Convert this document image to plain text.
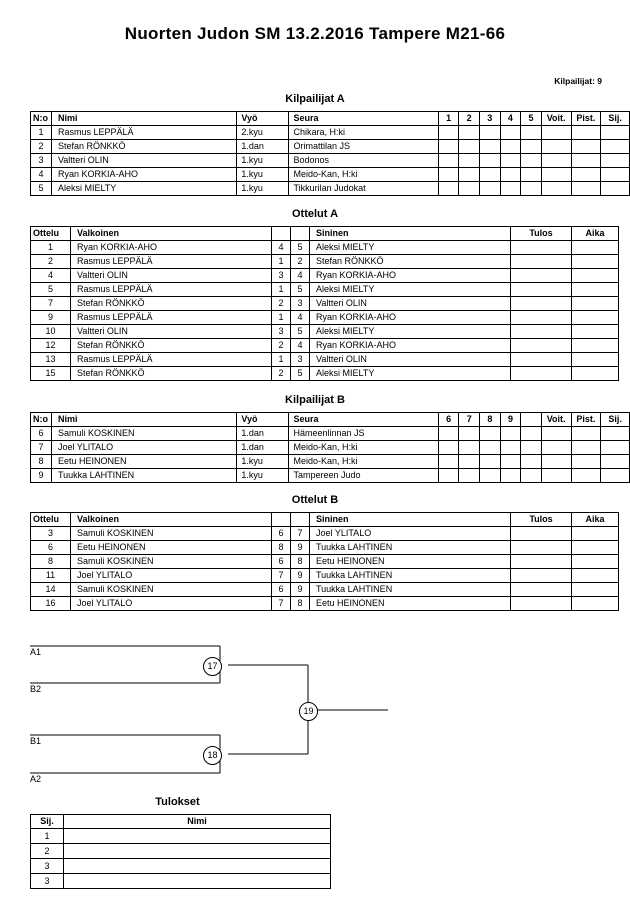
Nuorten Judon SM 13.2.2016 Tampere M21-66
Kilpailijat: 9
Kilpailijat A
N:o	Nimi	Vyö	Seura	1	2	3	4	5	Voit.	Pist.	Sij.
1	Rasmus LEPPÄLÄ	2.kyu	Chikara, H:ki								
2	Stefan RÖNKKÖ	1.dan	Orimattilan JS								
3	Valtteri OLIN	1.kyu	Bodonos								
4	Ryan KORKIA-AHO	1.kyu	Meido-Kan, H:ki								
5	Aleksi MIELTY	1.kyu	Tikkurilan Judokat								
Ottelut A
Ottelu	Valkoinen			Sininen	Tulos	Aika
1	Ryan KORKIA-AHO	4	5	Aleksi MIELTY		
2	Rasmus LEPPÄLÄ	1	2	Stefan RÖNKKÖ		
4	Valtteri OLIN	3	4	Ryan KORKIA-AHO		
5	Rasmus LEPPÄLÄ	1	5	Aleksi MIELTY		
7	Stefan RÖNKKÖ	2	3	Valtteri OLIN		
9	Rasmus LEPPÄLÄ	1	4	Ryan KORKIA-AHO		
10	Valtteri OLIN	3	5	Aleksi MIELTY		
12	Stefan RÖNKKÖ	2	4	Ryan KORKIA-AHO		
13	Rasmus LEPPÄLÄ	1	3	Valtteri OLIN		
15	Stefan RÖNKKÖ	2	5	Aleksi MIELTY		
Kilpailijat B
N:o	Nimi	Vyö	Seura	6	7	8	9		Voit.	Pist.	Sij.
6	Samuli KOSKINEN	1.dan	Hämeenlinnan JS								
7	Joel YLITALO	1.dan	Meido-Kan, H:ki								
8	Eetu HEINONEN	1.kyu	Meido-Kan, H:ki								
9	Tuukka LAHTINEN	1.kyu	Tampereen Judo								
Ottelut B
Ottelu	Valkoinen			Sininen	Tulos	Aika
3	Samuli KOSKINEN	6	7	Joel YLITALO		
6	Eetu HEINONEN	8	9	Tuukka LAHTINEN		
8	Samuli KOSKINEN	6	8	Eetu HEINONEN		
11	Joel YLITALO	7	9	Tuukka LAHTINEN		
14	Samuli KOSKINEN	6	9	Tuukka LAHTINEN		
16	Joel YLITALO	7	8	Eetu HEINONEN		
A1
B2
B1
A2
17
18
19
Tulokset
Sij.	Nimi
1	
2	
3	
3	
